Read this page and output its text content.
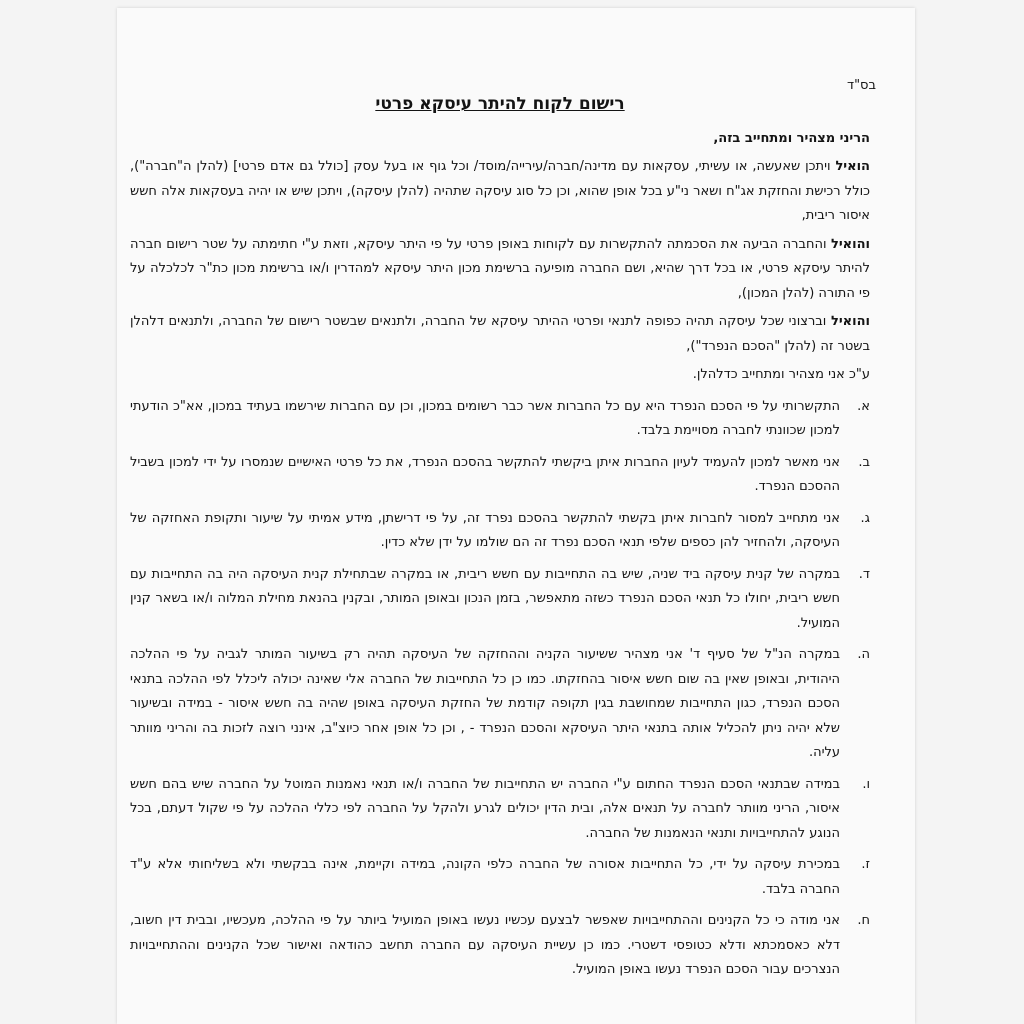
בס"ד
רישום לקוח להיתר עיסקא פרטי
הריני מצהיר ומתחייב בזה,
הואיל ויתכן שאעשה, או עשיתי, עסקאות עם מדינה/חברה/עירייה/מוסד/ וכל גוף או בעל עסק [כולל גם אדם פרטי] (להלן ה"חברה"), כולל רכישת והחזקת אג"ח ושאר ני"ע בכל אופן שהוא, וכן כל סוג עיסקה שתהיה (להלן עיסקה), ויתכן שיש או יהיה בעסקאות אלה חשש איסור ריבית,
והואיל והחברה הביעה את הסכמתה להתקשרות עם לקוחות באופן פרטי על פי היתר עיסקא, וזאת ע"י חתימתה על שטר רישום חברה להיתר עיסקא פרטי, או בכל דרך שהיא, ושם החברה מופיעה ברשימת מכון היתר עיסקא למהדרין ו/או ברשימת מכון כת"ר לכלכלה על פי התורה (להלן המכון),
והואיל וברצוני שכל עיסקה תהיה כפופה לתנאי ופרטי ההיתר עיסקא של החברה, ולתנאים שבשטר רישום של החברה, ולתנאים דלהלן בשטר זה (להלן "הסכם הנפרד"),
ע"כ אני מצהיר ומתחייב כדלהלן.
א.
התקשרותי על פי הסכם הנפרד היא עם כל החברות אשר כבר רשומים במכון, וכן עם החברות שירשמו בעתיד במכון, אא"כ הודעתי למכון שכוונתי לחברה מסויימת בלבד.
ב.
אני מאשר למכון להעמיד לעיון החברות איתן ביקשתי להתקשר בהסכם הנפרד, את כל פרטי האישיים שנמסרו על ידי למכון בשביל ההסכם הנפרד.
ג.
אני מתחייב למסור לחברות איתן בקשתי להתקשר בהסכם נפרד זה, על פי דרישתן, מידע אמיתי על שיעור ותקופת האחזקה של העיסקה, ולהחזיר להן כספים שלפי תנאי הסכם נפרד זה הם שולמו על ידן שלא כדין.
ד.
במקרה של קנית עיסקה ביד שניה, שיש בה התחייבות עם חשש ריבית, או במקרה שבתחילת קנית העיסקה היה בה התחייבות עם חשש ריבית, יחולו כל תנאי הסכם הנפרד כשזה מתאפשר, בזמן הנכון ובאופן המותר, ובקנין בהנאת מחילת המלוה ו/או בשאר קנין המועיל.
ה.
במקרה הנ"ל של סעיף ד' אני מצהיר ששיעור הקניה וההחזקה של העיסקה תהיה רק בשיעור המותר לגביה על פי ההלכה היהודית, ובאופן שאין בה שום חשש איסור בהחזקתו. כמו כן כל התחייבות של החברה אלי שאינה יכולה ליכלל לפי ההלכה בתנאי הסכם הנפרד, כגון התחייבות שמחושבת בגין תקופה קודמת של החזקת העיסקה באופן שהיה בה חשש איסור - במידה ובשיעור שלא יהיה ניתן להכליל אותה בתנאי היתר העיסקא והסכם הנפרד - , וכן כל אופן אחר כיוצ"ב, אינני רוצה לזכות בה והריני מוותר עליה.
ו.
במידה שבתנאי הסכם הנפרד החתום ע"י החברה יש התחייבות של החברה ו/או תנאי נאמנות המוטל על החברה שיש בהם חשש איסור, הריני מוותר לחברה על תנאים אלה, ובית הדין יכולים לגרע ולהקל על החברה לפי כללי ההלכה על פי שקול דעתם, בכל הנוגע להתחייבויות ותנאי הנאמנות של החברה.
ז.
במכירת עיסקה על ידי, כל התחייבות אסורה של החברה כלפי הקונה, במידה וקיימת, אינה בבקשתי ולא בשליחותי אלא ע"ד החברה בלבד.
ח.
אני מודה כי כל הקנינים וההתחייבויות שאפשר לבצעם עכשיו נעשו באופן המועיל ביותר על פי ההלכה, מעכשיו, ובבית דין חשוב, דלא כאסמכתא ודלא כטופסי דשטרי. כמו כן עשיית העיסקה עם החברה תחשב כהודאה ואישור שכל הקנינים וההתחייבויות הנצרכים עבור הסכם הנפרד נעשו באופן המועיל.
